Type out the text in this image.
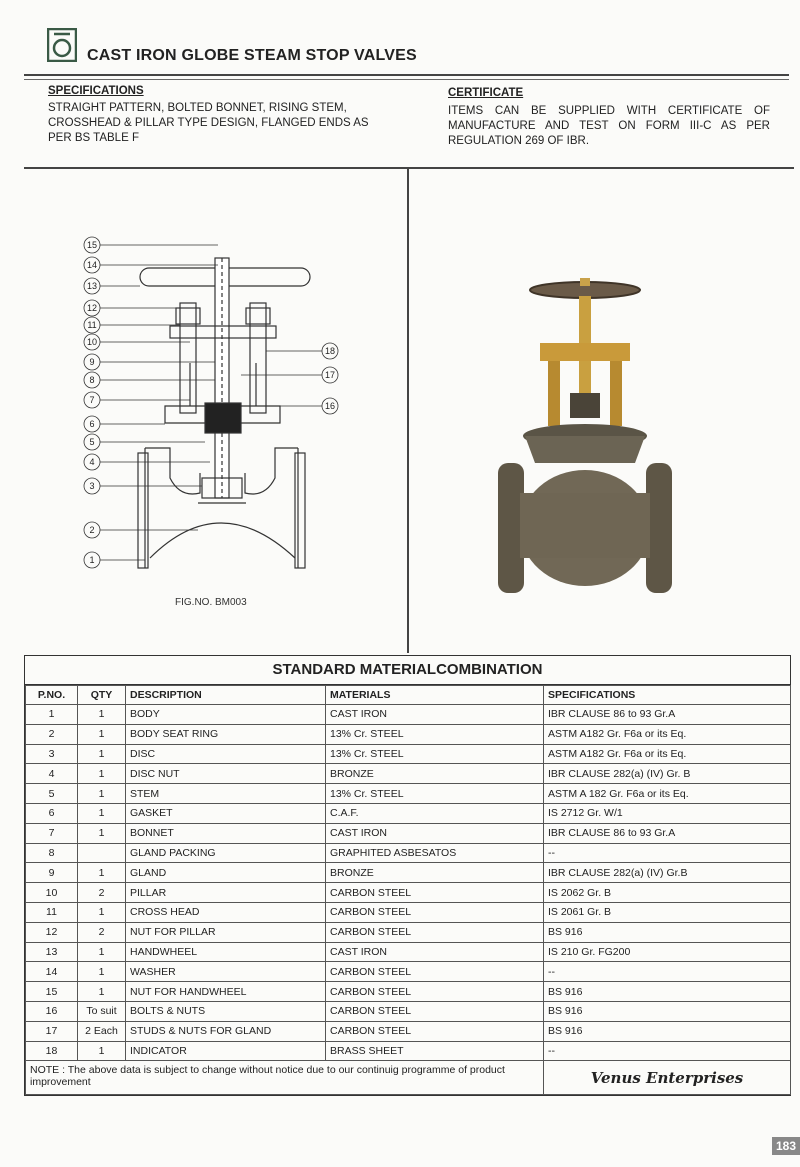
CAST IRON GLOBE STEAM STOP VALVES
SPECIFICATIONS
STRAIGHT PATTERN, BOLTED BONNET, RISING STEM, CROSSHEAD & PILLAR TYPE DESIGN, FLANGED ENDS AS PER BS TABLE F
CERTIFICATE
ITEMS CAN BE SUPPLIED WITH CERTIFICATE OF MANUFACTURE AND TEST ON FORM III-C AS PER REGULATION 269 OF IBR.
15
14
13
12
11
10
9
8
7
6
5
4
3
2
1
18
17
16
FIG.NO. BM003
STANDARD MATERIALCOMBINATION
P.NO.	QTY	DESCRIPTION	MATERIALS	SPECIFICATIONS
1	1	BODY	CAST IRON	IBR CLAUSE 86 to 93 Gr.A
2	1	BODY SEAT RING	13% Cr. STEEL	ASTM A182 Gr. F6a or its Eq.
3	1	DISC	13% Cr. STEEL	ASTM A182 Gr. F6a or its Eq.
4	1	DISC NUT	BRONZE	IBR CLAUSE 282(a) (IV) Gr. B
5	1	STEM	13% Cr. STEEL	ASTM A 182 Gr. F6a or its Eq.
6	1	GASKET	C.A.F.	IS 2712 Gr. W/1
7	1	BONNET	CAST IRON	IBR CLAUSE 86 to 93 Gr.A
8		GLAND PACKING	GRAPHITED ASBESATOS	--
9	1	GLAND	BRONZE	IBR CLAUSE 282(a) (IV) Gr.B
10	2	PILLAR	CARBON STEEL	IS 2062 Gr. B
11	1	CROSS HEAD	CARBON STEEL	IS 2061 Gr. B
12	2	NUT FOR PILLAR	CARBON STEEL	BS 916
13	1	HANDWHEEL	CAST IRON	IS 210 Gr. FG200
14	1	WASHER	CARBON STEEL	--
15	1	NUT FOR HANDWHEEL	CARBON STEEL	BS 916
16	To suit	BOLTS & NUTS	CARBON STEEL	BS 916
17	2 Each	STUDS & NUTS FOR GLAND	CARBON STEEL	BS 916
18	1	INDICATOR	BRASS SHEET	--
NOTE : The above data is subject to change without notice due to our continuig programme of product improvement				Venus Enterprises
183
